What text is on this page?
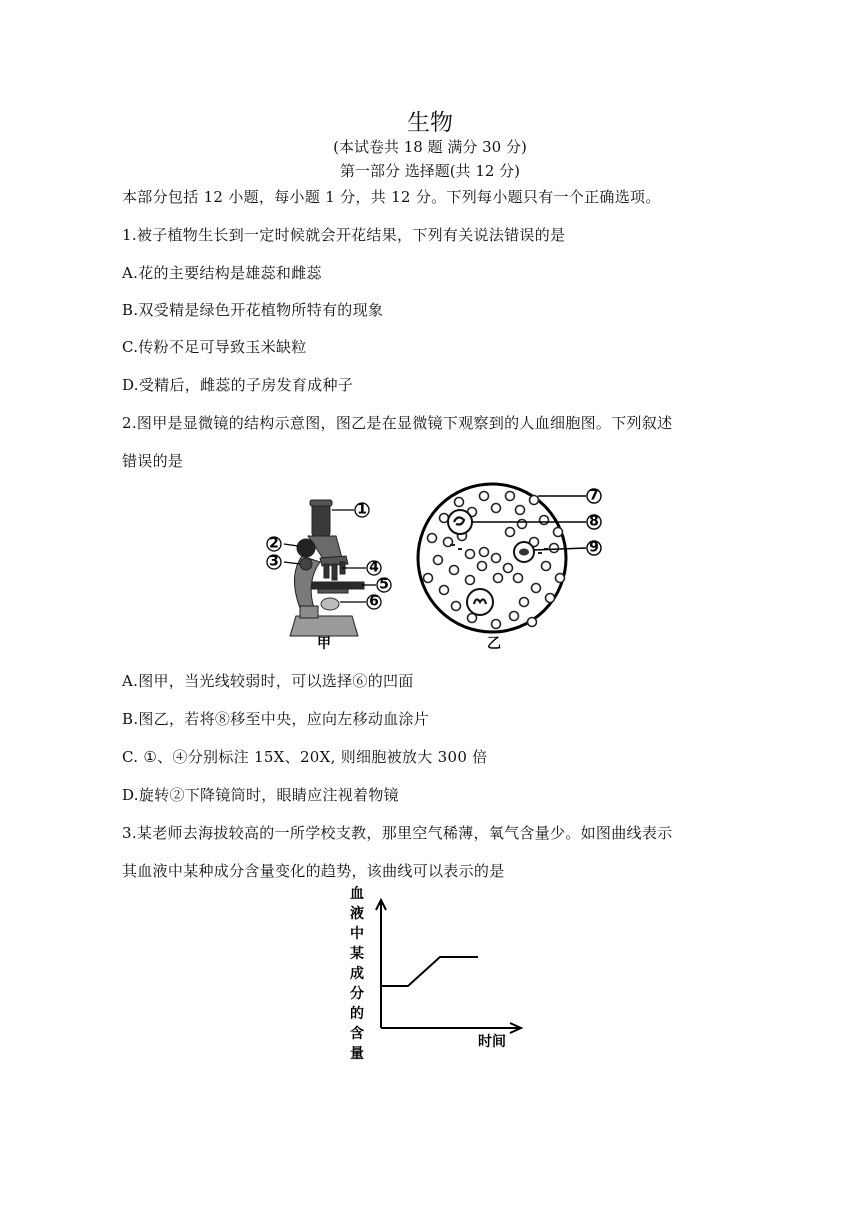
生物
(本试卷共 18 题 满分 30 分)
第一部分 选择题(共 12 分)
本部分包括 12 小题，每小题 1 分，共 12 分。下列每小题只有一个正确选项。
1.被子植物生长到一定时候就会开花结果，下列有关说法错误的是
A.花的主要结构是雄蕊和雌蕊
B.双受精是绿色开花植物所特有的现象
C.传粉不足可导致玉米缺粒
D.受精后，雌蕊的子房发育成种子
2.图甲是显微镜的结构示意图，图乙是在显微镜下观察到的人血细胞图。下列叙述
错误的是
1
2
3	4
5
6
甲
7
8
9
乙
A.图甲，当光线较弱时，可以选择⑥的凹面
B.图乙，若将⑧移至中央，应向左移动血涂片
C. ①、④分别标注 15X、20X, 则细胞被放大 300 倍
D.旋转②下降镜筒时，眼睛应注视着物镜
3.某老师去海拔较高的一所学校支教，那里空气稀薄，氧气含量少。如图曲线表示
其血液中某种成分含量变化的趋势，该曲线可以表示的是
血
液
中
某
成
分
的
含
量
时间
